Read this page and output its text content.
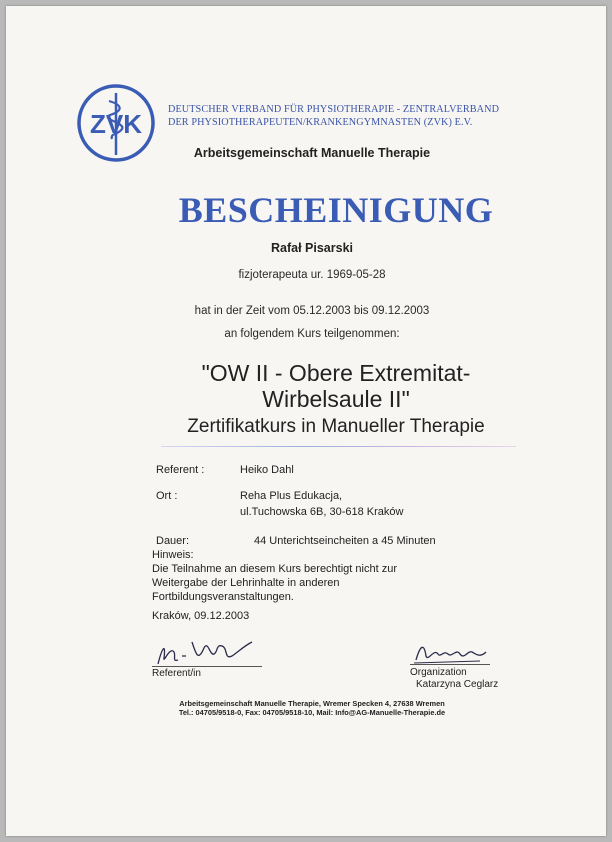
ZVK	DEUTSCHER VERBAND FÜR PHYSIOTHERAPIE - ZENTRALVERBAND
DER PHYSIOTHERAPEUTEN/KRANKENGYMNASTEN (ZVK) E.V.
Arbeitsgemeinschaft Manuelle Therapie
BESCHEINIGUNG
Rafał Pisarski
fizjoterapeuta ur. 1969-05-28
hat in der Zeit vom 05.12.2003 bis 09.12.2003
an folgendem Kurs teilgenommen:
"OW II - Obere Extremitat-
Wirbelsaule II"
Zertifikatkurs in Manueller Therapie
Referent :	Heiko Dahl
Ort :	Reha Plus Edukacja,
ul.Tuchowska 6B, 30-618 Kraków
Dauer:	44 Unterichtseincheiten a 45 Minuten
Hinweis:
Die Teilnahme an diesem Kurs berechtigt nicht zur
Weitergabe der Lehrinhalte in anderen
Fortbildungsveranstaltungen.
Kraków, 09.12.2003
Referent/in	Organization
Katarzyna Ceglarz
Arbeitsgemeinschaft Manuelle Therapie, Wremer Specken 4, 27638 Wremen
Tel.: 04705/9518-0, Fax: 04705/9518-10, Mail: Info@AG-Manuelle-Therapie.de
